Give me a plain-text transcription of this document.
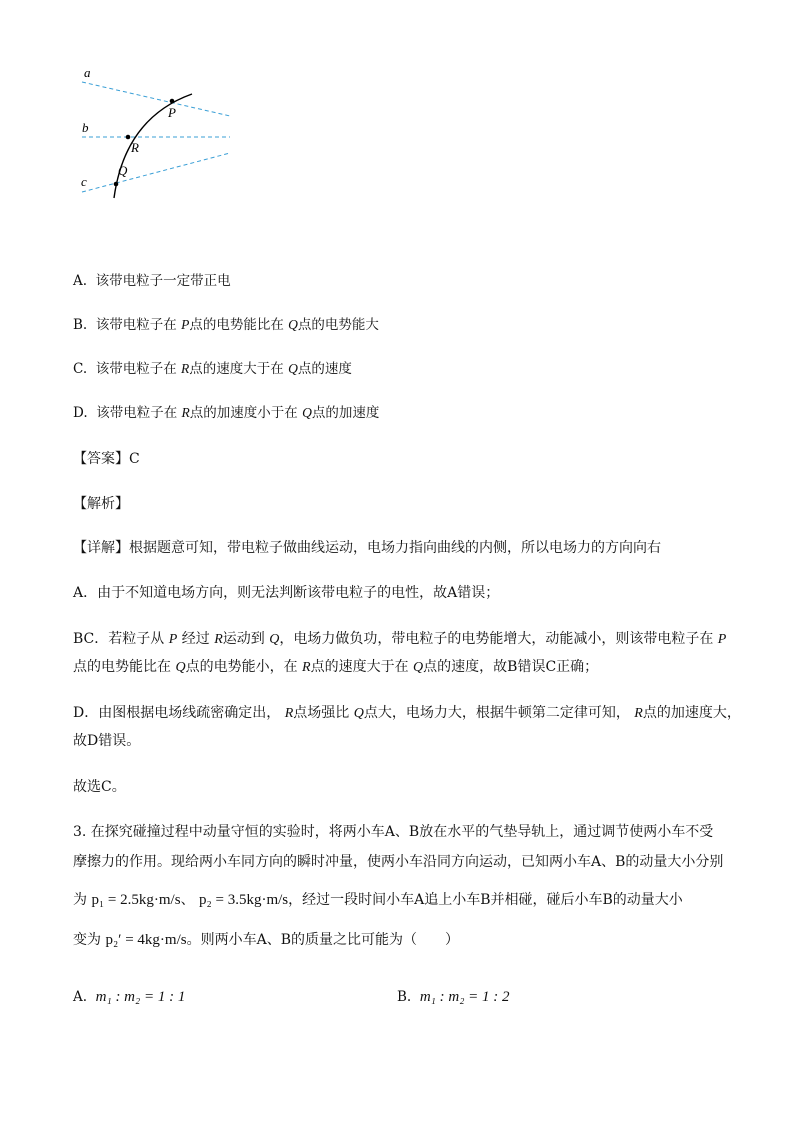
a
b
c
P
R
Q
A. 该带电粒子一定带正电
B. 该带电粒子在 P点的电势能比在 Q点的电势能大
C. 该带电粒子在 R点的速度大于在 Q点的速度
D. 该带电粒子在 R点的加速度小于在 Q点的加速度
【答案】C
【解析】
【详解】根据题意可知，带电粒子做曲线运动，电场力指向曲线的内侧，所以电场力的方向向右
A．由于不知道电场方向，则无法判断该带电粒子的电性，故A错误；
BC．若粒子从 P 经过 R运动到 Q，电场力做负功，带电粒子的电势能增大，动能减小，则该带电粒子在 P
点的电势能比在 Q点的电势能小，在 R点的速度大于在 Q点的速度，故B错误C正确；
D．由图根据电场线疏密确定出， R点场强比 Q点大，电场力大，根据牛顿第二定律可知， R点的加速度大，
故D错误。
故选C。
3. 在探究碰撞过程中动量守恒的实验时，将两小车A、B放在水平的气垫导轨上，通过调节使两小车不受
摩擦力的作用。现给两小车同方向的瞬时冲量，使两小车沿同方向运动，已知两小车A、B的动量大小分别
为 p₁ = 2.5kg·m/s、 p₂ = 3.5kg·m/s，经过一段时间小车A追上小车B并相碰，碰后小车B的动量大小
变为 p₂′ = 4kg·m/s。则两小车A、B的质量之比可能为（　　）
A. m₁ : m₂ = 1 : 1	B. m₁ : m₂ = 1 : 2
